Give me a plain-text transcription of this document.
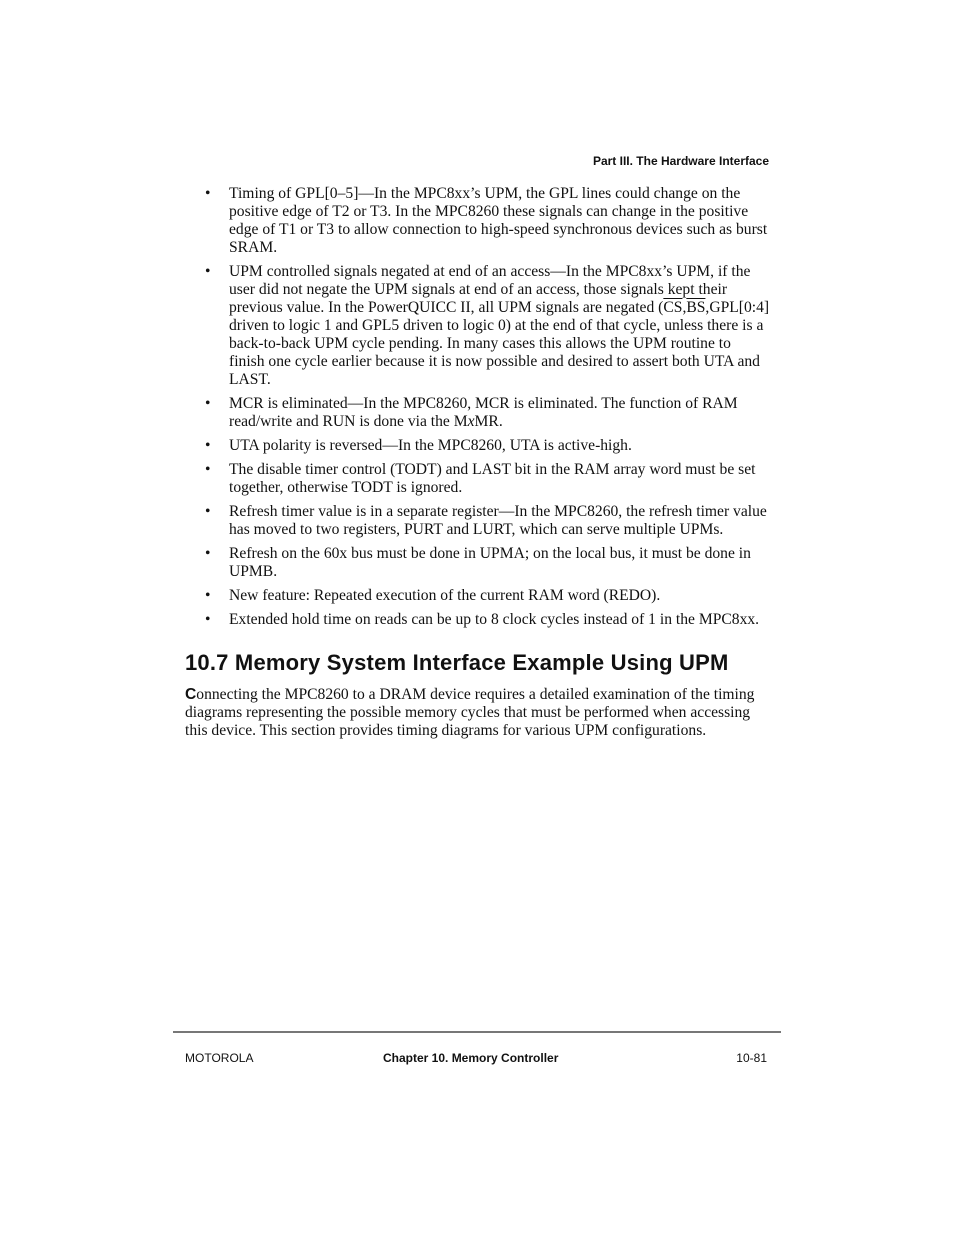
Part III. The Hardware Interface
• Timing of GPL[0–5]—In the MPC8xx’s UPM, the GPL lines could change on the positive edge of T2 or T3. In the MPC8260 these signals can change in the positive edge of T1 or T3 to allow connection to high-speed synchronous devices such as burst SRAM.
• UPM controlled signals negated at end of an access—In the MPC8xx’s UPM, if the user did not negate the UPM signals at end of an access, those signals kept their previous value. In the PowerQUICC II, all UPM signals are negated ($\overline{CS},\overline{BS},GPL[0:4]$ driven to logic 1 and GPL5 driven to logic 0) at the end of that cycle, unless there is a back-to-back UPM cycle pending. In many cases this allows the UPM routine to finish one cycle earlier because it is now possible and desired to assert both UTA and LAST.
• MCR is eliminated—In the MPC8260, MCR is eliminated. The function of RAM read/write and RUN is done via the MxMR.
• UTA polarity is reversed—In the MPC8260, UTA is active-high.
• The disable timer control (TODT) and LAST bit in the RAM array word must be set together, otherwise TODT is ignored.
• Refresh timer value is in a separate register—In the MPC8260, the refresh timer value has moved to two registers, PURT and LURT, which can serve multiple UPMs.
• Refresh on the 60x bus must be done in UPMA; on the local bus, it must be done in UPMB.
• New feature: Repeated execution of the current RAM word (REDO).
• Extended hold time on reads can be up to 8 clock cycles instead of 1 in the MPC8xx.
10.7 Memory System Interface Example Using UPM

Connecting the MPC8260 to a DRAM device requires a detailed examination of the timing diagrams representing the possible memory cycles that must be performed when accessing this device. This section provides timing diagrams for various UPM configurations.

MOTOROLA	Chapter 10. Memory Controller	10-81
